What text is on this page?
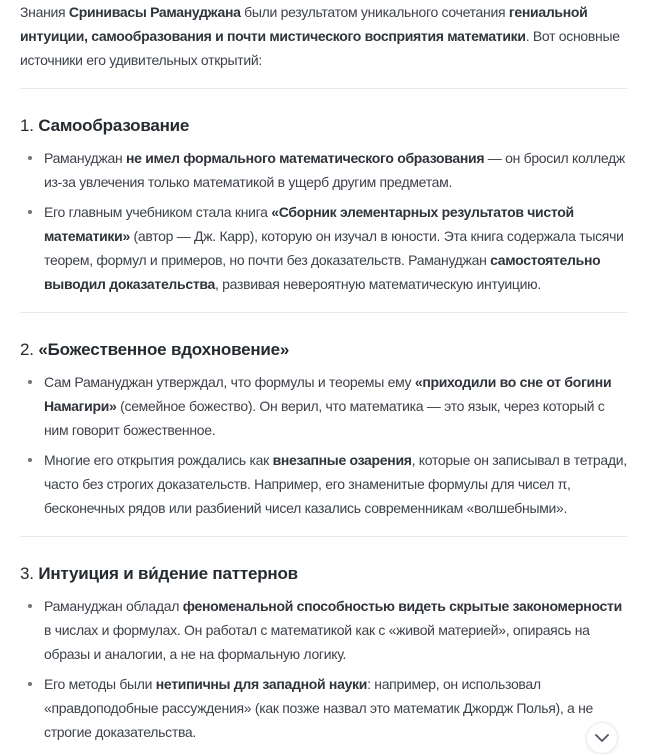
Знания Сринивасы Рамануджана были результатом уникального сочетания гениальной интуиции, самообразования и почти мистического восприятия математики. Вот основные источники его удивительных открытий:

1. Самообразование
Рамануджан не имел формального математического образования — он бросил колледж из-за увлечения только математикой в ущерб другим предметам.
Его главным учебником стала книга «Сборник элементарных результатов чистой математики» (автор — Дж. Карр), которую он изучал в юности. Эта книга содержала тысячи теорем, формул и примеров, но почти без доказательств. Рамануджан самостоятельно выводил доказательства, развивая невероятную математическую интуицию.
2. «Божественное вдохновение»
Сам Рамануджан утверждал, что формулы и теоремы ему «приходили во сне от богини Намагири» (семейное божество). Он верил, что математика — это язык, через который с ним говорит божественное.
Многие его открытия рождались как внезапные озарения, которые он записывал в тетради, часто без строгих доказательств. Например, его знаменитые формулы для чисел π, бесконечных рядов или разбиений чисел казались современникам «волшебными».
3. Интуиция и ви́дение паттернов
Рамануджан обладал феноменальной способностью видеть скрытые закономерности в числах и формулах. Он работал с математикой как с «живой материей», опираясь на образы и аналогии, а не на формальную логику.
Его методы были нетипичны для западной науки: например, он использовал «правдоподобные рассуждения» (как позже назвал это математик Джордж Полья), а не строгие доказательства.
